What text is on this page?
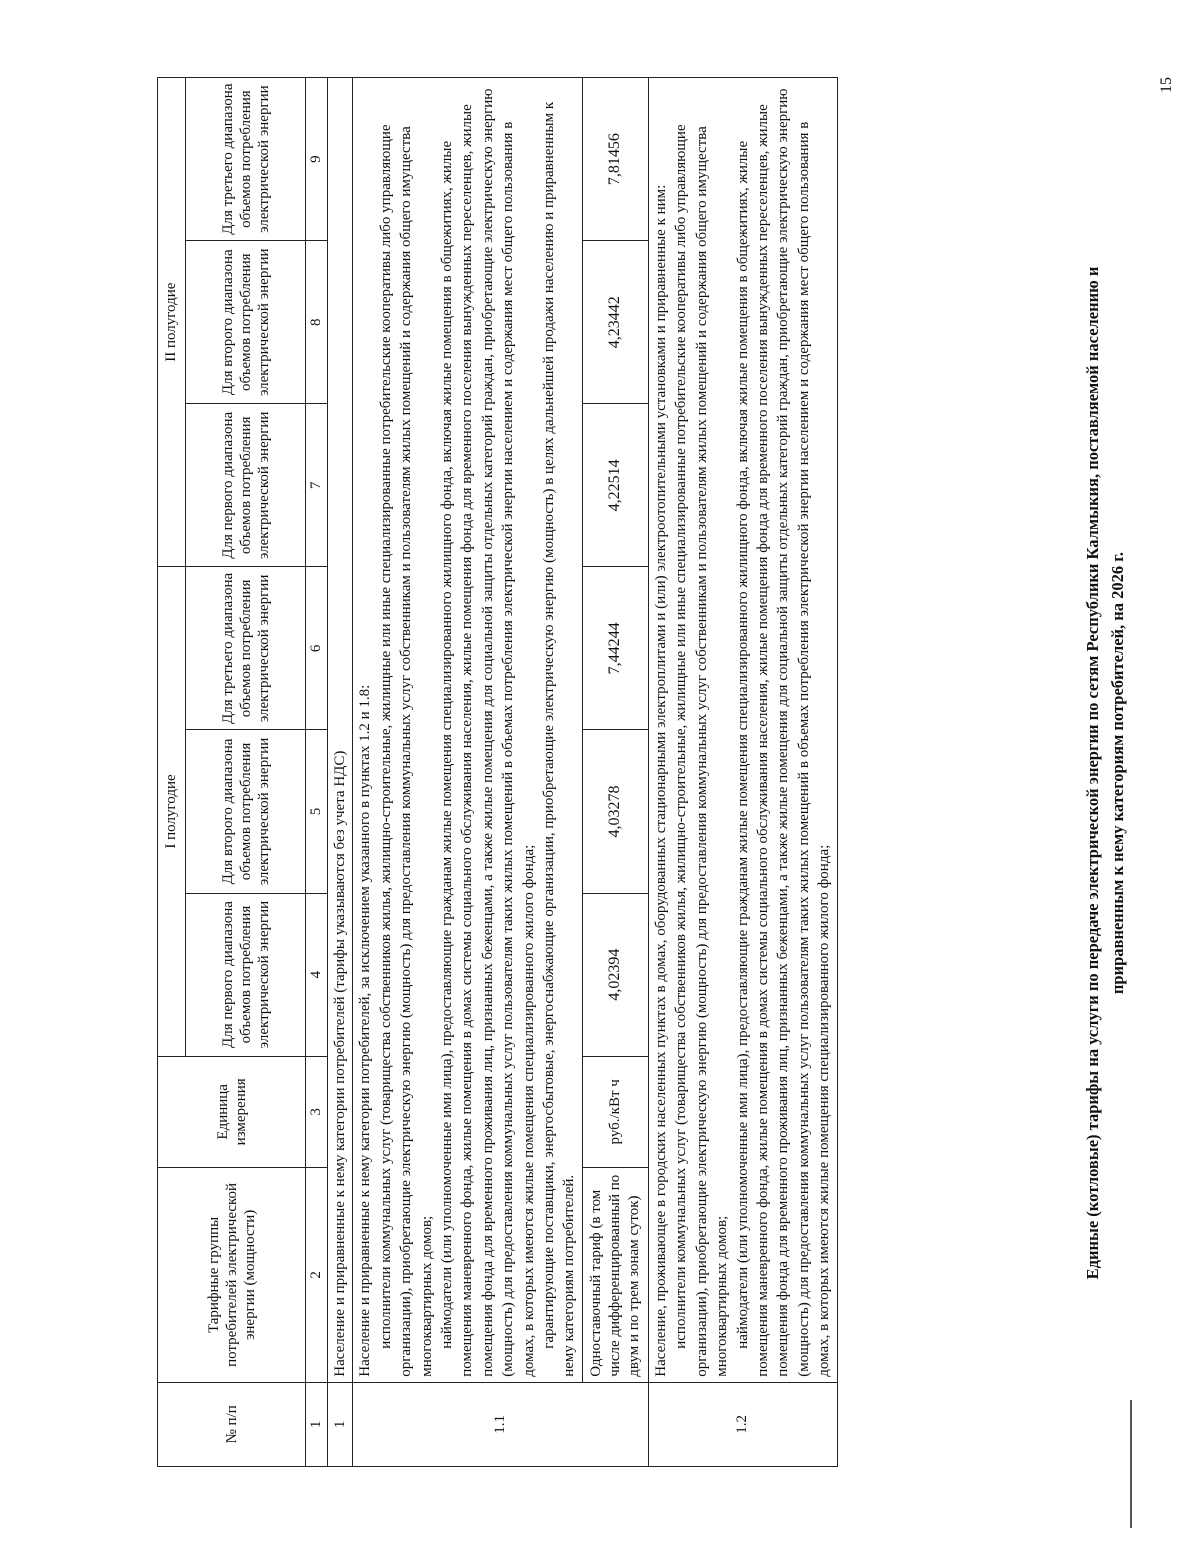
Единые (котловые) тарифы на услуги по передаче электрической энергии по сетям Республики Калмыкия, поставляемой населению и приравненным к нему категориям потребителей, на 2026 г.
№ п/п	Тарифные группы потребителей электрической энергии (мощности)	Единица измерения	I полугодие			II полугодие		
			Для первого диапазона объемов потребления электрической энергии	Для второго диапазона объемов потребления электрической энергии	Для третьего диапазона объемов потребления электрической энергии	Для первого диапазона объемов потребления электрической энергии	Для второго диапазона объемов потребления электрической энергии	Для третьего диапазона объемов потребления электрической энергии
1	2	3	4	5	6	7	8	9
1	Население и приравненные к нему категории потребителей (тарифы указываются без учета НДС)							
1.1	Население и приравненные к нему категории потребителей, за исключением указанного в пунктах 1.2 и 1.8: исполнители коммунальных услуг (товарищества собственников жилья, жилищно-строительные, жилищные или иные специализированные потребительские кооперативы либо управляющие организации), приобретающие электрическую энергию (мощность) для предоставления коммунальных услуг собственникам и пользователям жилых помещений и содержания общего имущества многоквартирных домов; наймодатели (или уполномоченные ими лица), предоставляющие гражданам жилые помещения специализированного жилищного фонда, включая жилые помещения в общежитиях, жилые помещения маневренного фонда, жилые помещения в домах системы социального обслуживания населения, жилые помещения фонда для временного поселения вынужденных переселенцев, жилые помещения фонда для временного проживания лиц, признанных беженцами, а также жилые помещения для социальной защиты отдельных категорий граждан, приобретающие электрическую энергию (мощность) для предоставления коммунальных услуг пользователям таких жилых помещений в объемах потребления электрической энергии населением и содержания мест общего пользования в домах, в которых имеются жилые помещения специализированного жилого фонда; гарантирующие поставщики, энергосбытовые, энергоснабжающие организации, приобретающие электрическую энергию (мощность) в целях дальнейшей продажи населению и приравненным к нему категориям потребителей.							

	Одноставочный тариф (в том числе дифференцированный по двум и по трем зонам суток)	руб./кВт ч	4,02394	4,03278	7,44244	4,22514	4,23442	7,81456
1.2	Население, проживающее в городских населенных пунктах в домах, оборудованных стационарными электроплитами и (или) электроотопительными установками и приравненные к ним: исполнители коммунальных услуг (товарищества собственников жилья, жилищно-строительные, жилищные или иные специализированные потребительские кооперативы либо управляющие организации), приобретающие электрическую энергию (мощность) для предоставления коммунальных услуг собственникам и пользователям жилых помещений и содержания общего имущества многоквартирных домов; наймодатели (или уполномоченные ими лица), предоставляющие гражданам жилые помещения специализированного жилищного фонда, включая жилые помещения в общежитиях, жилые помещения маневренного фонда, жилые помещения в домах системы социального обслуживания населения, жилые помещения фонда для временного поселения вынужденных переселенцев, жилые помещения фонда для временного проживания лиц, признанных беженцами, а также жилые помещения для социальной защиты отдельных категорий граждан, приобретающие электрическую энергию (мощность) для предоставления коммунальных услуг пользователям таких жилых помещений в объемах потребления электрической энергии населением и содержания мест общего пользования в домах, в которых имеются жилые помещения специализированного жилого фонда;							

15
